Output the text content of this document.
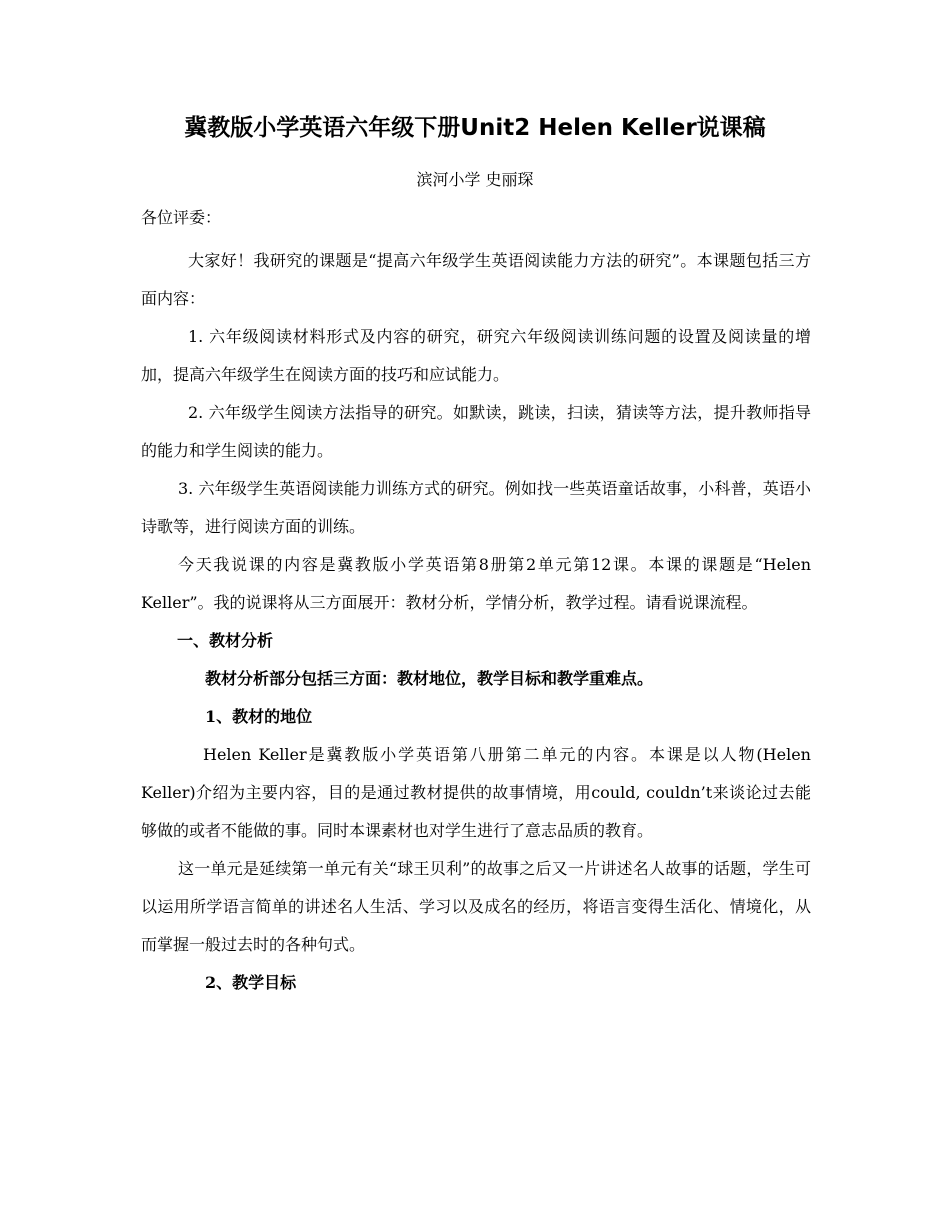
冀教版小学英语六年级下册Unit2 Helen Keller说课稿
滨河小学 史丽琛

各位评委：

大家好！我研究的课题是“提高六年级学生英语阅读能力方法的研究”。本课题包括三方面内容：

1. 六年级阅读材料形式及内容的研究，研究六年级阅读训练问题的设置及阅读量的增加，提高六年级学生在阅读方面的技巧和应试能力。

2. 六年级学生阅读方法指导的研究。如默读，跳读，扫读，猜读等方法，提升教师指导的能力和学生阅读的能力。

3. 六年级学生英语阅读能力训练方式的研究。例如找一些英语童话故事，小科普，英语小诗歌等，进行阅读方面的训练。

今天我说课的内容是冀教版小学英语第8册第2单元第12课。本课的课题是“Helen Keller”。我的说课将从三方面展开：教材分析，学情分析，教学过程。请看说课流程。

一、教材分析

教材分析部分包括三方面：教材地位，教学目标和教学重难点。

1、教材的地位

Helen Keller是冀教版小学英语第八册第二单元的内容。本课是以人物(Helen Keller)介绍为主要内容，目的是通过教材提供的故事情境，用could, couldn’t来谈论过去能够做的或者不能做的事。同时本课素材也对学生进行了意志品质的教育。

这一单元是延续第一单元有关“球王贝利”的故事之后又一片讲述名人故事的话题，学生可以运用所学语言简单的讲述名人生活、学习以及成名的经历，将语言变得生活化、情境化，从而掌握一般过去时的各种句式。

2、教学目标
